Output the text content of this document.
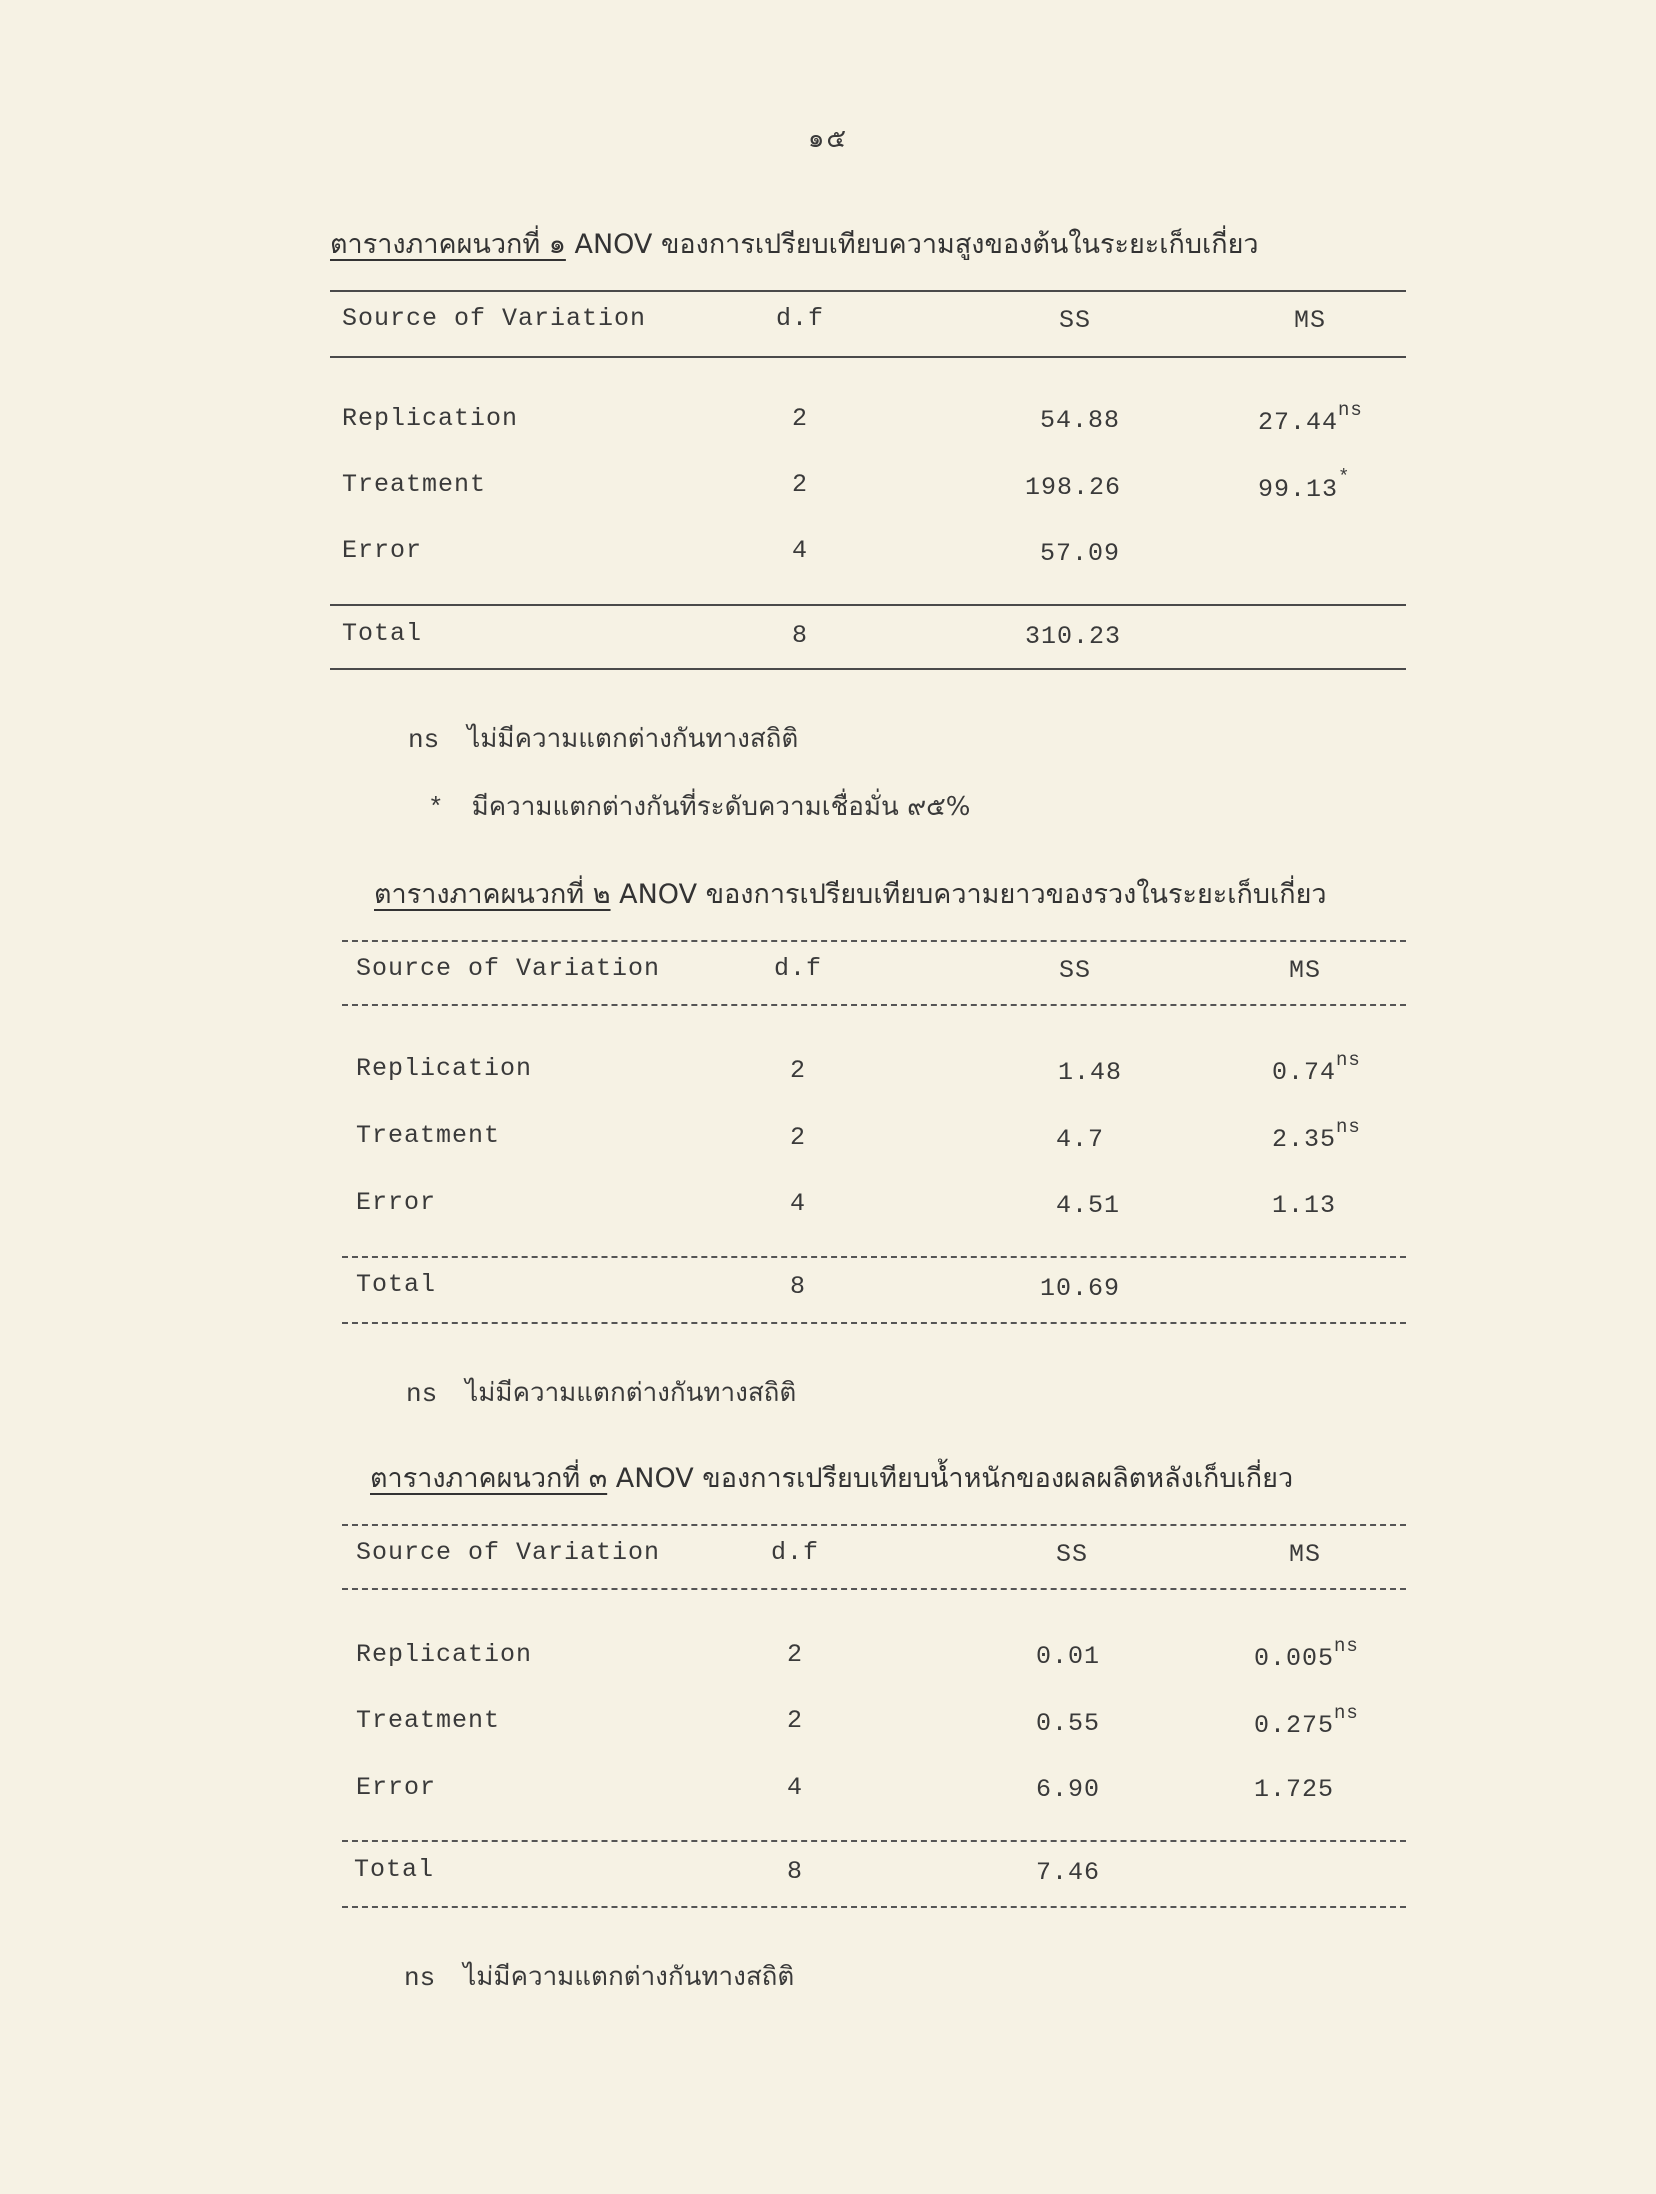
๑๕
ตารางภาคผนวกที่ ๑ ANOV ของการเปรียบเทียบความสูงของต้นในระยะเก็บเกี่ยว
Source of Variation	d.f	SS	MS
Replication	2	54.88	$27.44^{ns}$
Treatment	2	198.26	99.13*
Error	4	57.09
Total	8	310.23
ns ไม่มีความแตกต่างกันทางสถิติ
* มีความแตกต่างกันที่ระดับความเชื่อมั่น ๙๕%
ตารางภาคผนวกที่ ๒ ANOV ของการเปรียบเทียบความยาวของรวงในระยะเก็บเกี่ยว
Source of Variation	d.f	SS	MS
Replication	2	1.48	$0.74^{ns}$
Treatment	2	4.7	$2.35^{ns}$
Error	4	4.51	1.13
Total	8	10.69
ns ไม่มีความแตกต่างกันทางสถิติ
ตารางภาคผนวกที่ ๓ ANOV ของการเปรียบเทียบน้ำหนักของผลผลิตหลังเก็บเกี่ยว
Source of Variation	d.f	SS	MS
Replication	2	0.01	$0.005^{ns}$
Treatment	2	0.55	$0.275^{ns}$
Error	4	6.90	1.725
Total	8	7.46
ns ไม่มีความแตกต่างกันทางสถิติ
